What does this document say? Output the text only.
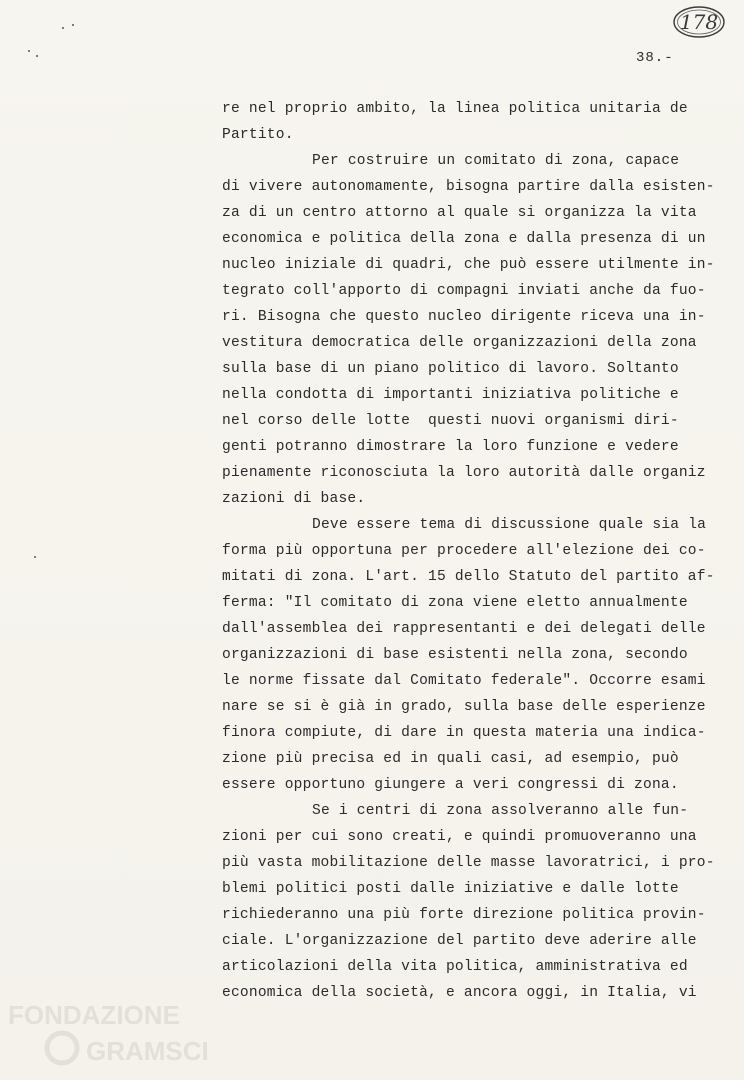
178
38.-
re nel proprio ambito, la linea politica unitaria de
Partito.
Per costruire un comitato di zona, capace
di vivere autonomamente, bisogna partire dalla esisten-
za di un centro attorno al quale si organizza la vita
economica e politica della zona e dalla presenza di un
nucleo iniziale di quadri, che può essere utilmente in-
tegrato coll'apporto di compagni inviati anche da fuo-
ri. Bisogna che questo nucleo dirigente riceva una in-
vestitura democratica delle organizzazioni della zona
sulla base di un piano politico di lavoro. Soltanto
nella condotta di importanti iniziativa politiche e
nel corso delle lotte  questi nuovi organismi diri-
genti potranno dimostrare la loro funzione e vedere
pienamente riconosciuta la loro autorità dalle organiz
zazioni di base.
Deve essere tema di discussione quale sia la
forma più opportuna per procedere all'elezione dei co-
mitati di zona. L'art. 15 dello Statuto del partito af-
ferma: "Il comitato di zona viene eletto annualmente
dall'assemblea dei rappresentanti e dei delegati delle
organizzazioni di base esistenti nella zona, secondo
le norme fissate dal Comitato federale". Occorre esami
nare se si è già in grado, sulla base delle esperienze
finora compiute, di dare in questa materia una indica-
zione più precisa ed in quali casi, ad esempio, può
essere opportuno giungere a veri congressi di zona.
Se i centri di zona assolveranno alle fun-
zioni per cui sono creati, e quindi promuoveranno una
più vasta mobilitazione delle masse lavoratrici, i pro-
blemi politici posti dalle iniziative e dalle lotte
richiederanno una più forte direzione politica provin-
ciale. L'organizzazione del partito deve aderire alle
articolazioni della vita politica, amministrativa ed
economica della società, e ancora oggi, in Italia, vi
FONDAZIONE
GRAMSCI
